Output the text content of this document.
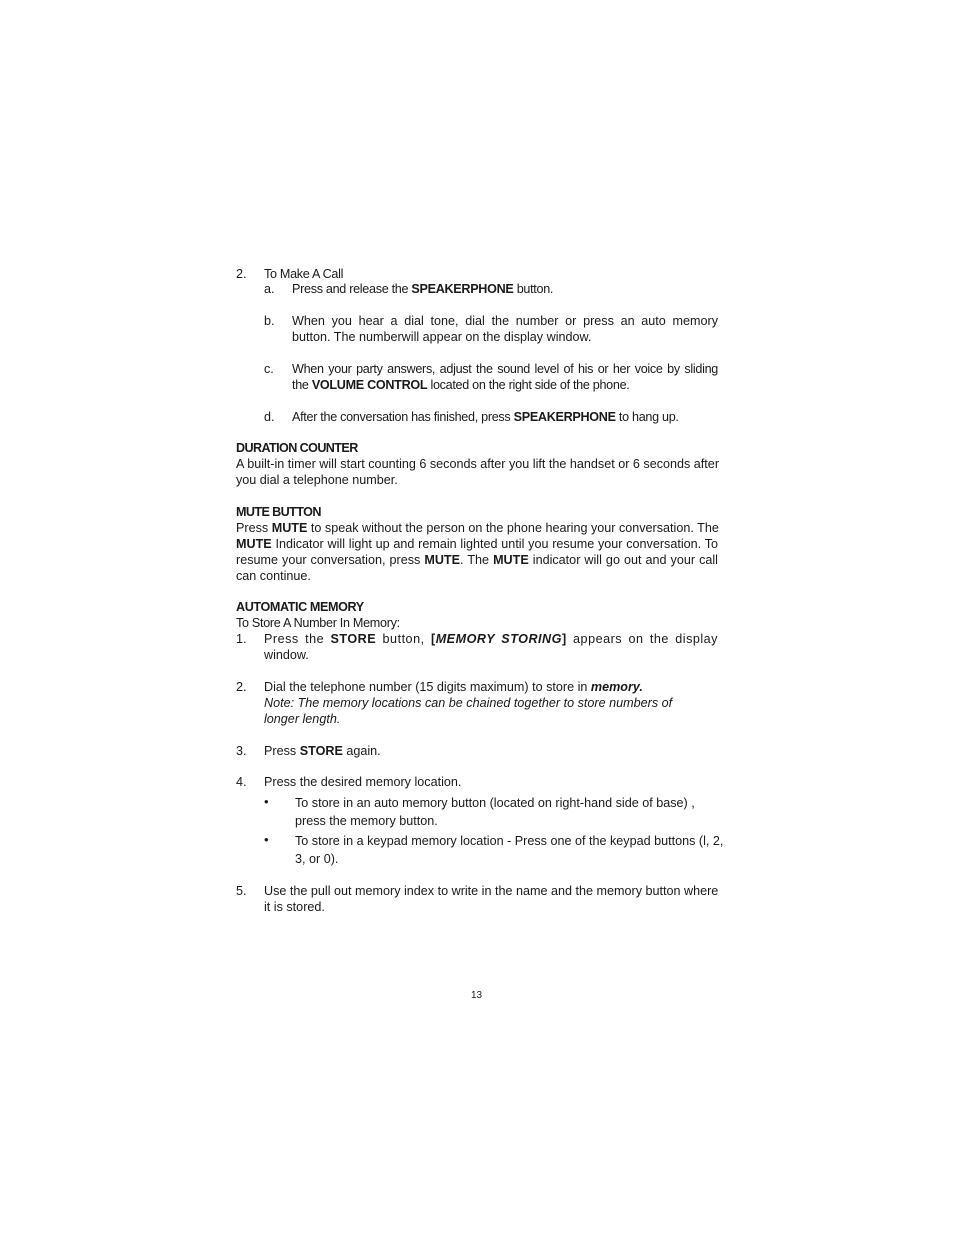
2. To Make A Call
a. Press and release the SPEAKERPHONE button.
b. When you hear a dial tone, dial the number or press an auto memory
button. The numberwill appear on the display window.
c. When your party answers, adjust the sound level of his or her voice by sliding
the VOLUME CONTROL located on the right side of the phone.
d. After the conversation has finished, press SPEAKERPHONE to hang up.
DURATION COUNTER
A built-in timer will start counting 6 seconds after you lift the handset or 6 seconds after
you dial a telephone number.
MUTE BUTTON
Press MUTE to speak without the person on the phone hearing your conversation. The
MUTE Indicator will light up and remain lighted until you resume your conversation. To
resume your conversation, press MUTE. The MUTE indicator will go out and your call
can continue.
AUTOMATIC MEMORY
To Store A Number In Memory:
1. Press the STORE button, [MEMORY STORING] appears on the display
window.
2. Dial the telephone number (15 digits maximum) to store in memory.
Note: The memory locations can be chained together to store numbers of
longer length.
3. Press STORE again.
4. Press the desired memory location.
• To store in an auto memory button (located on right-hand side of base) ,
press the memory button.
• To store in a keypad memory location - Press one of the keypad buttons (l, 2,
3, or 0).
5. Use the pull out memory index to write in the name and the memory button where
it is stored.
13
